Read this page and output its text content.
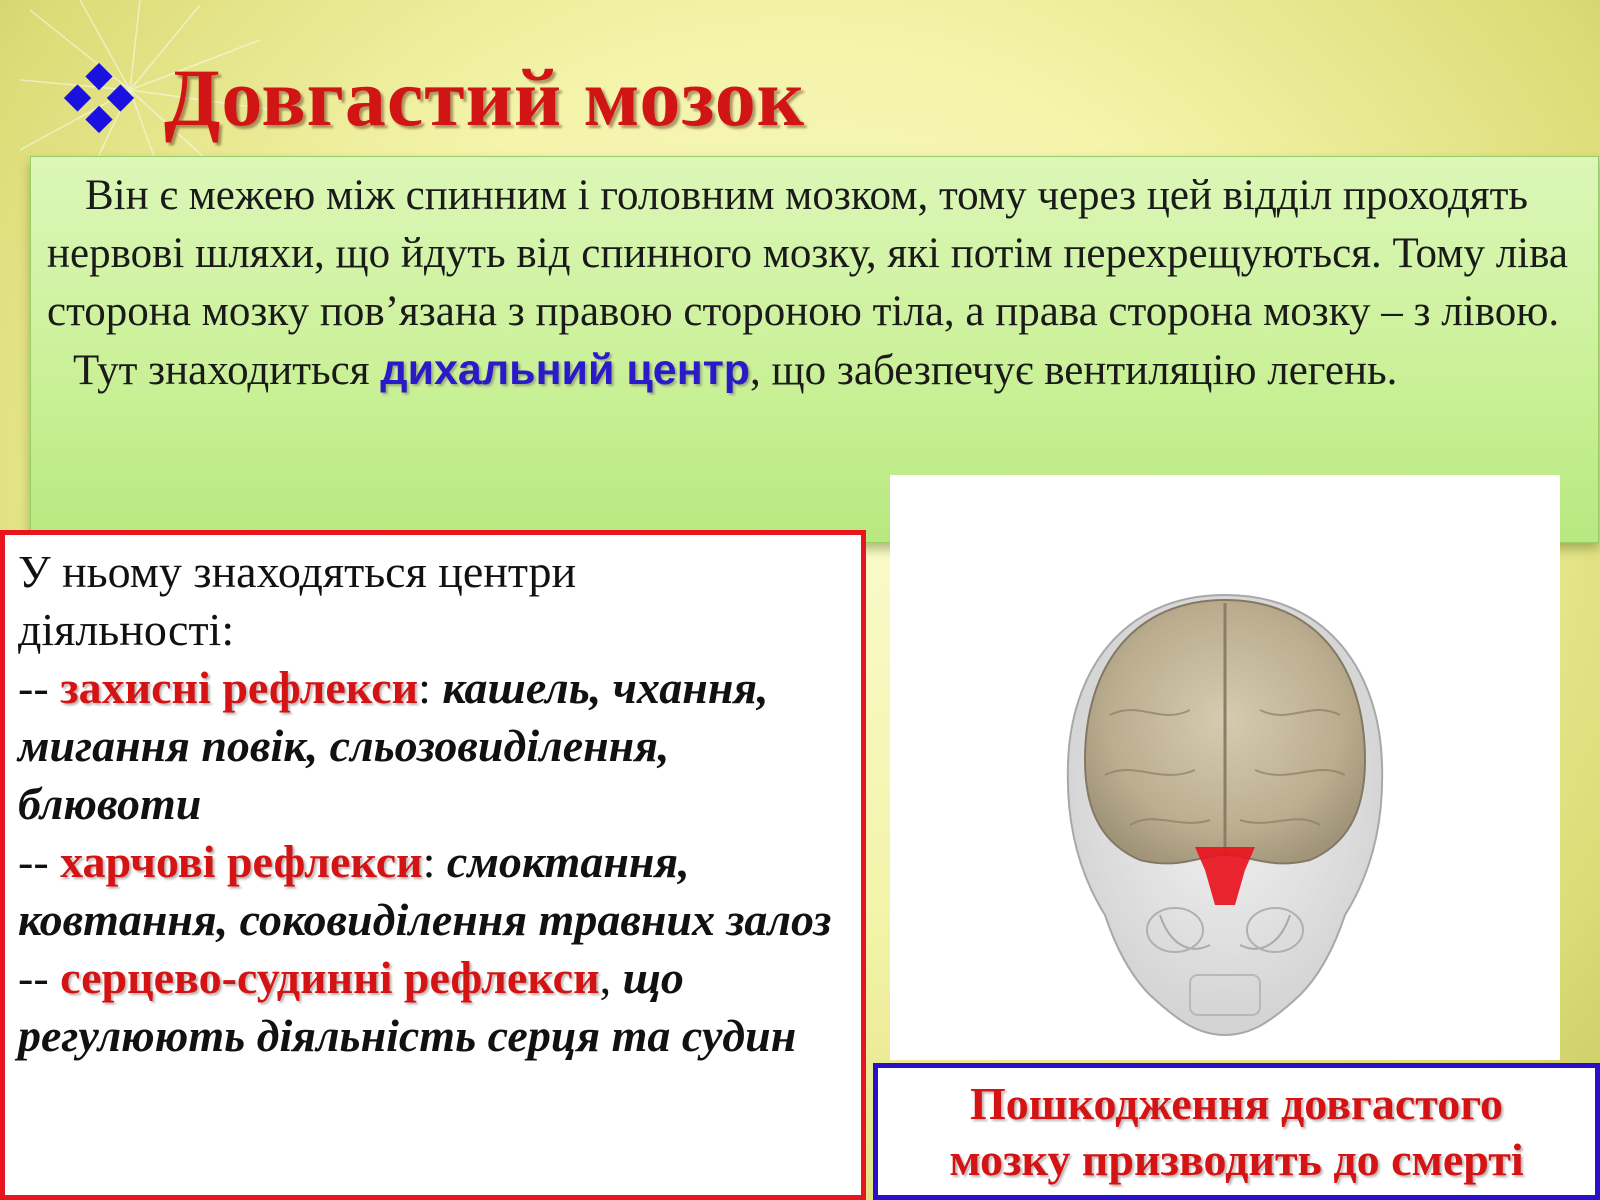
Довгастий мозок

Він є межею між спинним і головним мозком, тому через цей відділ проходять нервові шляхи, що йдуть від спинного мозку, які потім перехрещуються. Тому ліва сторона мозку пов’язана з правою стороною тіла, а права сторона мозку – з лівою.

Тут знаходиться дихальний центр, що забезпечує вентиляцію легень.

У ньому знаходяться центри діяльності:
-- захисні рефлекси: кашель, чхання, мигання повік, сльозовиділення, блювоти
-- харчові рефлекси: смоктання, ковтання, соковиділення травних залоз
-- серцево-судинні рефлекси, що регулюють діяльність серця та судин
Пошкодження довгастого
мозку призводить до смерті
